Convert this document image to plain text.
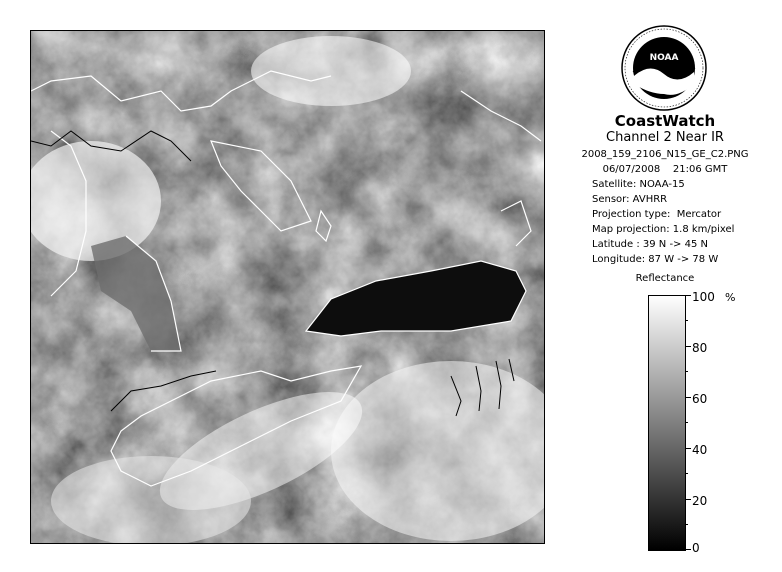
NOAA
CoastWatch
Channel 2 Near IR
2008_159_2106_N15_GE_C2.PNG
06/07/2008    21:06 GMT
Satellite: NOAA-15
Sensor: AVHRR
Projection type:  Mercator
Map projection: 1.8 km/pixel
Latitude : 39 N -> 45 N
Longitude: 87 W -> 78 W
Reflectance
%
100
80
60
40
20
0
